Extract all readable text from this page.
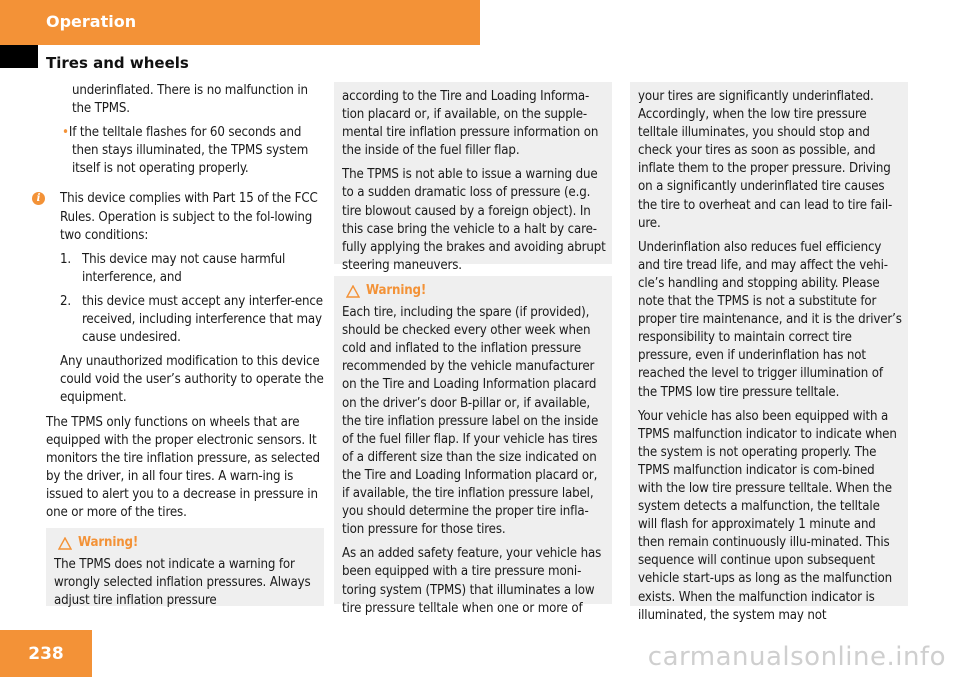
Operation
Tires and wheels

underinflated. There is no malfunction in the TPMS.

•If the telltale flashes for 60 seconds and then stays illuminated, the TPMS system itself is not operating properly.

i	This device complies with Part 15 of the FCC Rules. Operation is subject to the fol-lowing two conditions:

1. This device may not cause harmful interference, and

2. this device must accept any interfer-ence received, including interference that may cause undesired.

Any unauthorized modification to this device could void the user’s authority to operate the equipment.

The TPMS only functions on wheels that are equipped with the proper electronic sensors. It monitors the tire inflation pressure, as selected by the driver, in all four tires. A warn-ing is issued to alert you to a decrease in pressure in one or more of the tires.

Warning!
The TPMS does not indicate a warning for wrongly selected inflation pressures. Always adjust tire inflation pressure

according to the Tire and Loading Informa-tion placard or, if available, on the supple-mental tire inflation pressure information on the inside of the fuel filler flap.

The TPMS is not able to issue a warning due to a sudden dramatic loss of pressure (e.g. tire blowout caused by a foreign object). In this case bring the vehicle to a halt by care-fully applying the brakes and avoiding abrupt steering maneuvers.

Warning!

Each tire, including the spare (if provided), should be checked every other week when cold and inflated to the inflation pressure recommended by the vehicle manufacturer on the Tire and Loading Information placard on the driver’s door B-pillar or, if available, the tire inflation pressure label on the inside of the fuel filler flap. If your vehicle has tires of a different size than the size indicated on the Tire and Loading Information placard or, if available, the tire inflation pressure label, you should determine the proper tire infla-tion pressure for those tires.

As an added safety feature, your vehicle has been equipped with a tire pressure moni-toring system (TPMS) that illuminates a low tire pressure telltale when one or more of

your tires are significantly underinflated. Accordingly, when the low tire pressure telltale illuminates, you should stop and check your tires as soon as possible, and inflate them to the proper pressure. Driving on a significantly underinflated tire causes the tire to overheat and can lead to tire fail-ure.

Underinflation also reduces fuel efficiency and tire tread life, and may affect the vehi-cle’s handling and stopping ability. Please note that the TPMS is not a substitute for proper tire maintenance, and it is the driver’s responsibility to maintain correct tire pressure, even if underinflation has not reached the level to trigger illumination of the TPMS low tire pressure telltale.

Your vehicle has also been equipped with a TPMS malfunction indicator to indicate when the system is not operating properly. The TPMS malfunction indicator is com-bined with the low tire pressure telltale. When the system detects a malfunction, the telltale will flash for approximately 1 minute and then remain continuously illu-minated. This sequence will continue upon subsequent vehicle start-ups as long as the malfunction exists. When the malfunction indicator is illuminated, the system may not

238	carmanualsonline.info
